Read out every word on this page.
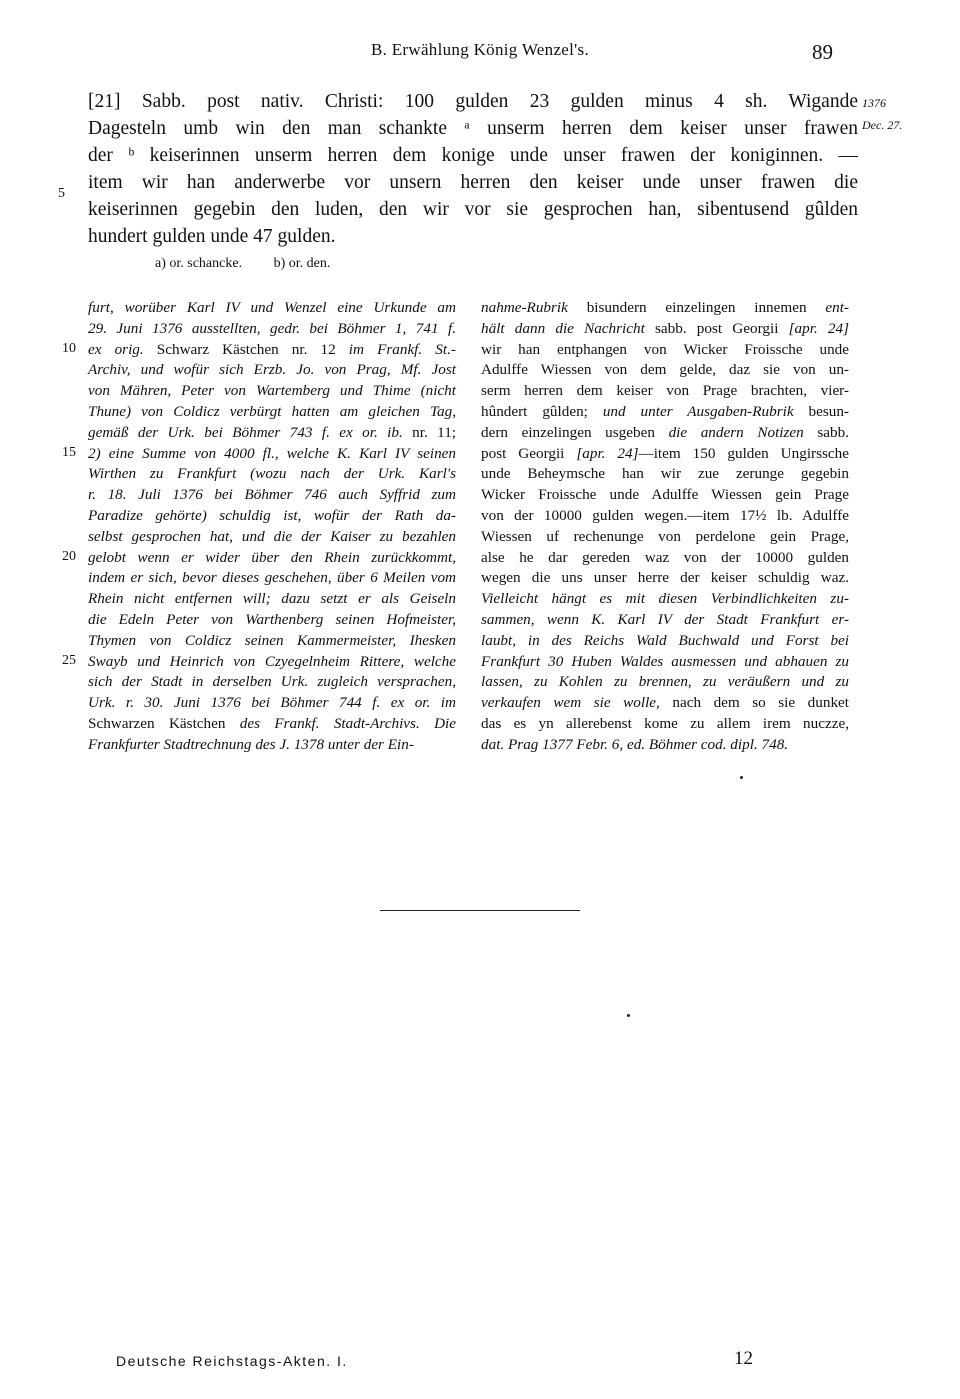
B. Erwählung König Wenzel's.	89
1376
Dec. 27.
[21] Sabb. post nativ. Christi: 100 gulden 23 gulden minus 4 sh. Wigande
Dagesteln umb win den man schankte ᵃ unserm herren dem keiser unser frawen
der ᵇ keiserinnen unserm herren dem konige unde unser frawen der koniginnen. —
item wir han anderwerbe vor unsern herren den keiser unde unser frawen die
keiserinnen gegebin den luden, den wir vor sie gesprochen han, sibentusend gûlden
hundert gulden unde 47 gulden.
5
a) or. schancke. b) or. den.
furt, worüber Karl IV und Wenzel eine Urkunde am
29. Juni 1376 ausstellten, gedr. bei Böhmer 1, 741 f.
ex orig. Schwarz Kästchen nr. 12 im Frankf. St.-
Archiv, und wofür sich Erzb. Jo. von Prag, Mf. Jost
von Mähren, Peter von Wartemberg und Thime (nicht
Thune) von Coldicz verbürgt hatten am gleichen Tag,
gemäß der Urk. bei Böhmer 743 f. ex or. ib. nr. 11;
2) eine Summe von 4000 fl., welche K. Karl IV seinen
Wirthen zu Frankfurt (wozu nach der Urk. Karl's
r. 18. Juli 1376 bei Böhmer 746 auch Syffrid zum
Paradize gehörte) schuldig ist, wofür der Rath da-
selbst gesprochen hat, und die der Kaiser zu bezahlen
gelobt wenn er wider über den Rhein zurückkommt,
indem er sich, bevor dieses geschehen, über 6 Meilen vom
Rhein nicht entfernen will; dazu setzt er als Geiseln
die Edeln Peter von Warthenberg seinen Hofmeister,
Thymen von Coldicz seinen Kammermeister, Ihesken
Swayb und Heinrich von Czyegelnheim Rittere, welche
sich der Stadt in derselben Urk. zugleich versprachen,
Urk. r. 30. Juni 1376 bei Böhmer 744 f. ex or. im
Schwarzen Kästchen des Frankf. Stadt-Archivs. Die
Frankfurter Stadtrechnung des J. 1378 unter der Ein-
nahme-Rubrik bisundern einzelingen innemen ent-
hält dann die Nachricht sabb. post Georgii [apr. 24]
wir han entphangen von Wicker Froissche unde
Adulffe Wiessen von dem gelde, daz sie von un-
serm herren dem keiser von Prage brachten, vier-
hûndert gûlden; und unter Ausgaben-Rubrik besun-
dern einzelingen usgeben die andern Notizen sabb.
post Georgii [apr. 24]—item 150 gulden Ungirssche
unde Beheymsche han wir zue zerunge gegebin
Wicker Froissche unde Adulffe Wiessen gein Prage
von der 10000 gulden wegen.—item 17½ lb. Adulffe
Wiessen uf rechenunge von perdelone gein Prage,
alse he dar gereden waz von der 10000 gulden
wegen die uns unser herre der keiser schuldig waz.
Vielleicht hängt es mit diesen Verbindlichkeiten zu-
sammen, wenn K. Karl IV der Stadt Frankfurt er-
laubt, in des Reichs Wald Buchwald und Forst bei
Frankfurt 30 Huben Waldes ausmessen und abhauen zu
lassen, zu Kohlen zu brennen, zu veräußern und zu
verkaufen wem sie wolle, nach dem so sie dunket
das es yn allerebenst kome zu allem irem nuczze,
dat. Prag 1377 Febr. 6, ed. Böhmer cod. dipl. 748.
10
15
20
25
Deutsche Reichstags-Akten. I.	12
